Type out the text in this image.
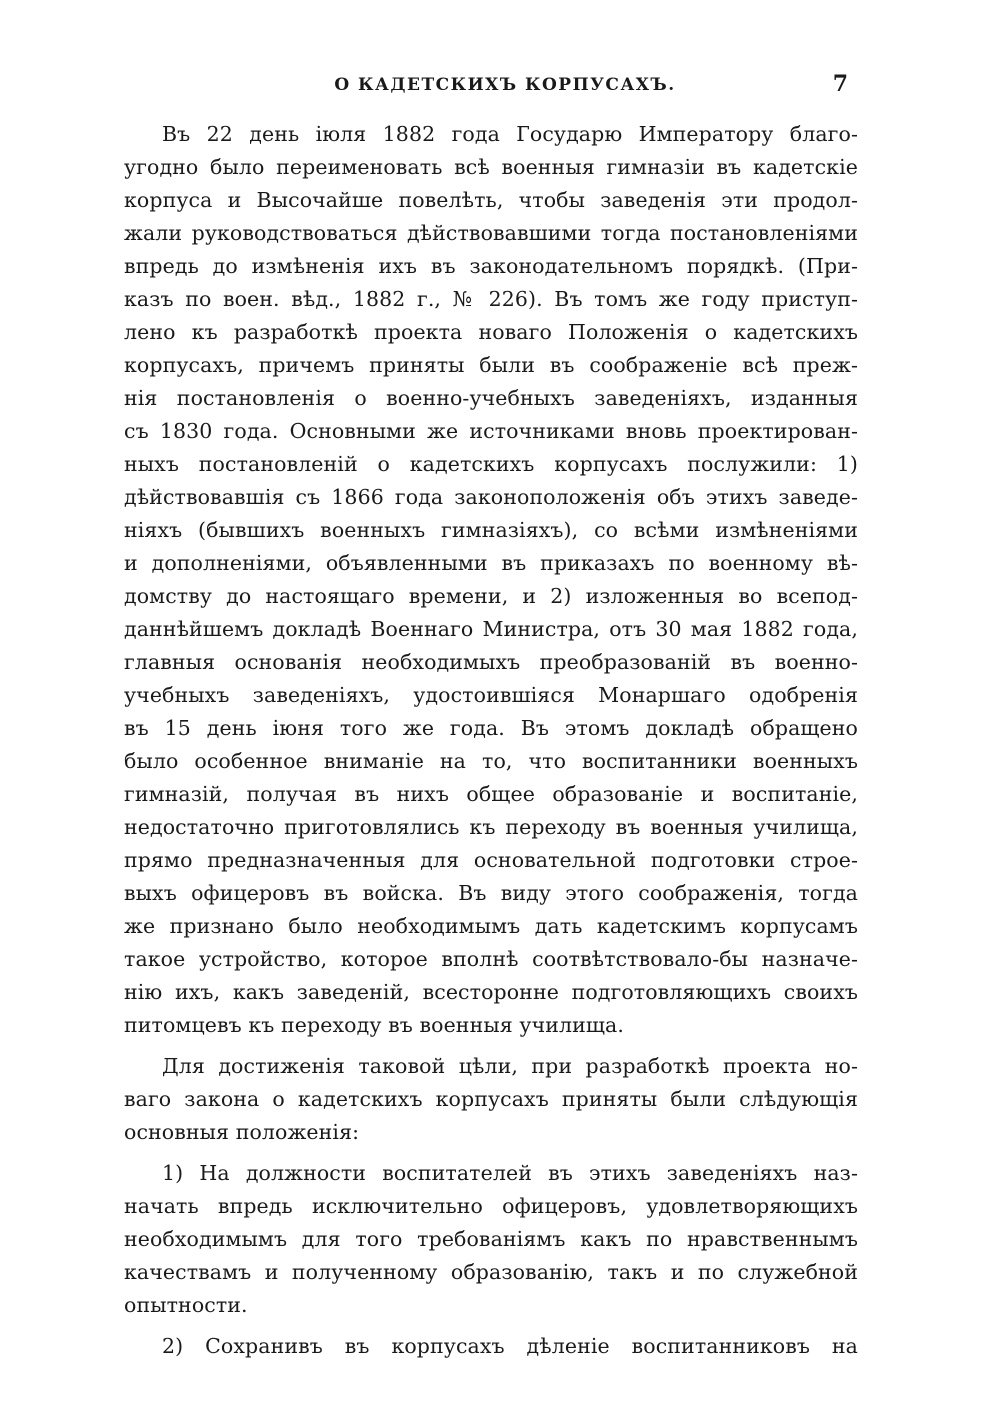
О КАДЕТСКИХЪ КОРПУСАХЪ.	7
Въ 22 день іюля 1882 года Государю Императору благо-
угодно было переименовать всѣ военныя гимназіи въ кадетскіе
корпуса и Высочайше повелѣть, чтобы заведенія эти продол-
жали руководствоваться дѣйствовавшими тогда постановленіями
впредь до измѣненія ихъ въ законодательномъ порядкѣ. (При-
казъ по воен. вѣд., 1882 г., № 226). Въ томъ же году приступ-
лено къ разработкѣ проекта новаго Положенія о кадетскихъ
корпусахъ, причемъ приняты были въ соображеніе всѣ преж-
нія постановленія о военно-учебныхъ заведеніяхъ, изданныя
съ 1830 года. Основными же источниками вновь проектирован-
ныхъ постановленій о кадетскихъ корпусахъ послужили: 1)
дѣйствовавшія съ 1866 года законоположенія объ этихъ заведе-
ніяхъ (бывшихъ военныхъ гимназіяхъ), со всѣми измѣненіями
и дополненіями, объявленными въ приказахъ по военному вѣ-
домству до настоящаго времени, и 2) изложенныя во всепод-
даннѣйшемъ докладѣ Военнаго Министра, отъ 30 мая 1882 года,
главныя основанія необходимыхъ преобразованій въ военно-
учебныхъ заведеніяхъ, удостоившіяся Монаршаго одобренія
въ 15 день іюня того же года. Въ этомъ докладѣ обращено
было особенное вниманіе на то, что воспитанники военныхъ
гимназій, получая въ нихъ общее образованіе и воспитаніе,
недостаточно приготовлялись къ переходу въ военныя училища,
прямо предназначенныя для основательной подготовки строе-
выхъ офицеровъ въ войска. Въ виду этого соображенія, тогда
же признано было необходимымъ дать кадетскимъ корпусамъ
такое устройство, которое вполнѣ соотвѣтствовало-бы назначе-
нію ихъ, какъ заведеній, всесторонне подготовляющихъ своихъ
питомцевъ къ переходу въ военныя училища.
Для достиженія таковой цѣли, при разработкѣ проекта но-
ваго закона о кадетскихъ корпусахъ приняты были слѣдующія
основныя положенія:
1) На должности воспитателей въ этихъ заведеніяхъ наз-
начать впредь исключительно офицеровъ, удовлетворяющихъ
необходимымъ для того требованіямъ какъ по нравственнымъ
качествамъ и полученному образованію, такъ и по служебной
опытности.
2) Сохранивъ въ корпусахъ дѣленіе воспитанниковъ на
